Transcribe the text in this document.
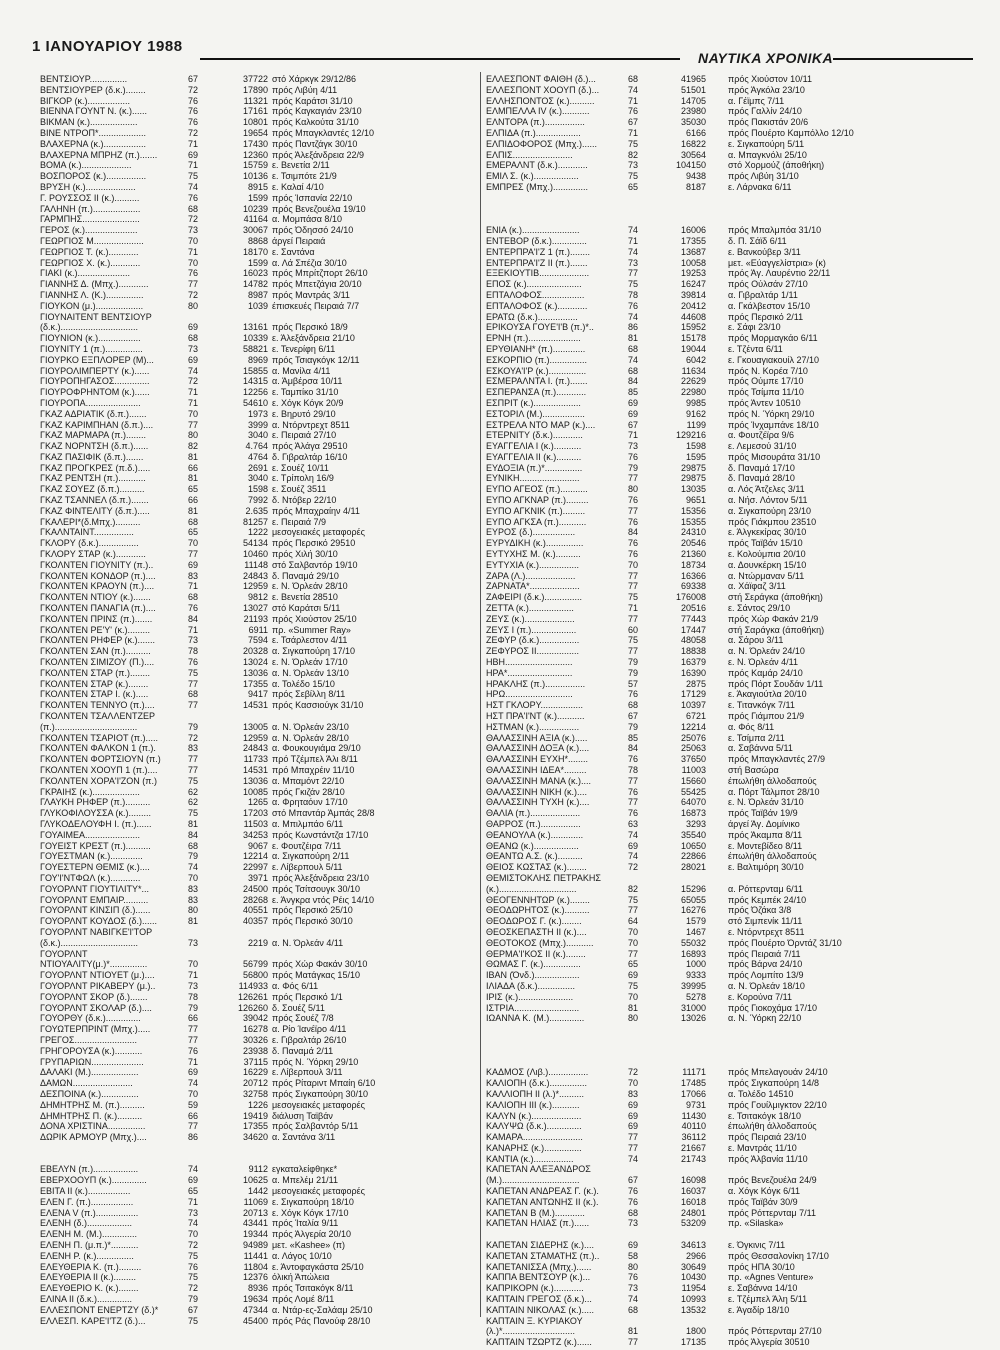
1 ΙΑΝΟΥΑΡΙΟΥ 1988
ΝΑΥΤΙΚΑ ΧΡΟΝΙΚΑ
ΒΕΝΤΣΙΟΥΡ...............	67	37722 στό Χάρκγκ 29/12/86
ΒΕΝΤΣΙΟΥΡΕΡ (δ.κ.)........	72	17890 πρός Λιβύη 4/11
ΒΙΓΚΟΡ (κ.).................	76	11321 πρός Καράτσι 31/10
ΒΙΕΝΝΑ ΓΟΥΝΤ Ν. (κ.)......	76	17161 πρός Καγκαγιάν 23/10
ΒΙΚΜΑΝ (κ.)...................	76	10801 πρός Καλκούτα 31/10
ΒΙΝΕ ΝΤΡΟΠ*...................	72	19654 πρός Μπαγκλαντές 12/10
ΒΛΑΧΕΡΝΑ (κ.).................	71	17430 πρός Παντζάγκ 30/10
ΒΛΑΧΕΡΝΑ ΜΠΡΗΖ (π.).......	69	12360 πρός Άλεξάνδρεια 22/9
ΒΟΜΑ (κ.)....................	71	15759 ε. Βενετία 2/11
ΒΟΣΠΟΡΟΣ (κ.)................	75	10136 ε. Τσιμπότε 21/9
ΒΡΥΣΗ (κ.)....................	74	8915 ε. Καλαί 4/10
Γ. ΡΟΥΣΣΟΣ ΙΙ (κ.)..........	76	1599 πρός Ίσπανία 22/10
ΓΑΛΗΝΗ (π.)...................	68	10239 πρός Βενεζουέλα 19/10
ΓΑΡΜΠΗΣ.......................	72	41164 α. Μομπάσα 8/10
ΓΕΡΟΣ (κ.).....................	73	30067 πρός Όδησσό 24/10
ΓΕΩΡΓΙΟΣ Μ....................	70	8868 άργεί Πειραιά
ΓΕΩΡΓΙΟΣ Τ. (κ.)............	71	18170 ε. Σαντάνα
ΓΕΩΡΓΙΟΣ Χ. (κ.)............	70	1599 α. Λά Σπέζια 30/10
ΓΙΑΚΙ (κ.).....................	76	16023 πρός Μπρίτζπορτ 26/10
ΓΙΑΝΝΗΣ Δ. (Μπχ.)............	77	14782 πρός Μπετζάγια 20/10
ΓΙΑΝΝΗΣ Λ. (Κ.)...............	72	8987 πρός Μαντράς 3/11
ΓΙΟΥΚΟΝ (μ.)...................	80	1039 έπισκευές Πειραιά 7/7
ΓΙΟΥΝΑΙΤΕΝΤ ΒΕΝΤΣΙΟΥΡ
(δ.κ.)...............................	69	13161 πρός Περσικό 18/9
ΓΙΟΥΝΙΟΝ (κ.).................	68	10339 ε. Άλεξάνδρεια 21/10
ΓΙΟΥΝΙΤΥ 1 (π.)...............	73	58821 ε. Τενερίφη 6/11
ΓΙΟΥΡΚΟ ΕΞΠΛΟΡΕΡ (Μ)...	69	8969 πρός Τσιαγκόγκ 12/11
ΓΙΟΥΡΟΛΙΜΠΕΡΤΥ (κ.)......	74	15855 α. Μανίλα 4/11
ΓΙΟΥΡΟΠΗΓΑΣΟΣ..............	72	14315 α. Άμβέρσα 10/11
ΓΙΟΥΡΟΦΡΗΝΤΟΜ (κ.)......	71	12256 ε. Ταμπίκο 31/10
ΓΙΟΥΡΟΠΑ......................	71	54610 ε. Χόγκ Κόγκ 20/9
ΓΚΑΖ ΑΔΡΙΑΤΙΚ (δ.π.).......	70	1973 ε. Βηρυτό 29/10
ΓΚΑΖ ΚΑΡΙΜΠΗΑΝ (δ.π.)....	77	3999 α. Ντόρντρεχτ 8511
ΓΚΑΖ ΜΑΡΜΑΡΑ (π.)........	80	3040 ε. Πειραιά 27/10
ΓΚΑΖ ΝΟΡΝΤΣΗ (δ.π.)......	82	4.764 πρός Άλάγα 29510
ΓΚΑΖ ΠΑΣΙΦΙΚ (δ.π.).......	81	4764 δ. Γιβραλτάρ 16/10
ΓΚΑΖ ΠΡΟΓΚΡΕΣ (π.δ.).....	66	2691 ε. Σουέζ 10/11
ΓΚΑΖ ΡΕΝΤΣΗ (π.)...........	81	3040 ε. Τρίπολη 16/9
ΓΚΑΖ ΣΟΥΕΖ (δ.π.)..........	65	1598 ε. Σουέζ 3511
ΓΚΑΖ ΤΣΑΝΝΕΛ (δ.π.).......	66	7992 δ. Ντόβερ 22/10
ΓΚΑΖ ΦΙΝΤΕΛΙΤΥ (δ.π.).....	81	2.635 πρός Μπαχραίην 4/11
ΓΚΑΛΕΡΙ*(δ.Μπχ.)..........	68	81257 ε. Πειραιά 7/9
ΓΚΑΛΝΤΑΙΝΤ................	65	1222 μεσογειακές μεταφορές
ΓΚΛΟΡΥ (δ.κ.)................	70	54134 πρός Περσικό 29510
ΓΚΛΟΡΥ ΣΤΑΡ (κ.)............	77	10460 πρός Χιλή 30/10
ΓΚΟΛΝΤΕΝ ΓΙΟΥΝΙΤΥ (π.)..	69	11148 στό Σαλβαντόρ 19/10
ΓΚΟΛΝΤΕΝ ΚΟΝΔΟΡ (π.)....	83	24843 δ. Παναμά 29/10
ΓΚΟΛΝΤΕΝ ΚΡΑΟΥΝ (π.)....	71	12959 ε. Ν. Όρλεάν 28/10
ΓΚΟΛΝΤΕΝ ΝΤΙΟΥ (κ.).......	68	9812 ε. Βενετία 28510
ΓΚΟΛΝΤΕΝ ΠΑΝΑΓΙΑ (π.)....	76	13027 στό Καράτσι 5/11
ΓΚΟΛΝΤΕΝ ΠΡΙΝΣ (π.).......	84	21193 πρός Χιούστον 25/10
ΓΚΟΛΝΤΕΝ ΡΕ'Υ' (κ.).........	71	6911 πρ. «Summer Ray»
ΓΚΟΛΝΤΕΝ ΡΗΦΕΡ (κ.).......	73	7594 ε. Τσάρλεστον 4/11
ΓΚΟΛΝΤΕΝ ΣΑΝ (π.)..........	78	20328 α. Σιγκαπούρη 17/10
ΓΚΟΛΝΤΕΝ ΣΙΜΙΖΟΥ (Π.)....	76	13024 ε. Ν. Όρλεάν 17/10
ΓΚΟΛΝΤΕΝ ΣΤΑΡ (π.)........	75	13036 α. Ν. Όρλεάν 13/10
ΓΚΟΛΝΤΕΝ ΣΤΑΡ (κ.)........	77	17355 α. Τολέδο 15/10
ΓΚΟΛΝΤΕΝ ΣΤΑΡ Ι. (κ.).....	68	9417 πρός Σεβίλλη 8/11
ΓΚΟΛΝΤΕΝ ΤΕΝΝΥΟ (π.)....	77	14531 πρός Κασσιούγκ 31/10
ΓΚΟΛΝΤΕΝ ΤΣΑΛΛΕΝΤΖΕΡ
(π.).................................	79	13005 α. Ν. Όρλεάν 23/10
ΓΚΟΛΝΤΕΝ ΤΣΑΡΙΟΤ (π.).....	72	12959 α. Ν. Όρλεάν 28/10
ΓΚΟΛΝΤΕΝ ΦΑΛΚΟΝ 1 (π.).	83	24843 α. Φουκουγιάμα 29/10
ΓΚΟΛΝΤΕΝ ΦΟΡΤΣΙΟΥΝ (π.)	77	11733 πρό Τζέμπελ Άλι 8/11
ΓΚΟΛΝΤΕΝ ΧΟΟΥΠ 1 (π.)....	77	14531 πρό Μπαχρέιν 11/10
ΓΚΟΛΝΤΕΝ ΧΟΡΑ'Ι'ΖΟΝ (π.)	75	13036 α. Μπαμόντ 22/10
ΓΚΡΑΙΗΣ (κ.)...................	62	10085 πρός Γκιζάν 28/10
ΓΛΑΥΚΗ ΡΗΦΕΡ (π.)..........	62	1265 α. Φρηταόυν 17/10
ΓΛΥΚΟΦΙΛΟΥΣΣΑ (κ.).........	75	17203 στό Μπαντάρ Άμπάς 28/8
ΓΛΥΚΟΔΕΛΟΥΦΗ Ι. (π.)......	81	11503 α. Μπιλμπάο 6/11
ΓΟΥΑΙΜΕΑ......................	84	34253 πρός Κωνστάντζα 17/10
ΓΟΥΕΙΣΤ ΚΡΕΣΤ (π.)..........	68	9067 ε. Φουτζέιρα 7/11
ΓΟΥΕΣΤΜΑΝ (κ.).............	79	12214 α. Σιγκαπούρη 2/11
ΓΟΥΕΣΤΕΡΝ ΘΕΜΙΣ (κ.)....	74	22997 ε. Λίβερπουλ 5/11
ΓΟΥ'Ι'ΝΤΦΩΛ (κ.)............	70	3971 πρός Άλεξάνδρεια 23/10
ΓΟΥΟΡΛΝΤ ΓΙΟΥΤΙΛΙΤΥ*...	83	24500 πρός Τσίτσουγκ 30/10
ΓΟΥΟΡΛΝΤ ΕΜΠΑΙΡ..........	83	28268 ε. Άνγκρα ντός Ρέις 14/10
ΓΟΥΟΡΛΝΤ ΚΙΝΣΙΠ (δ.)......	80	40551 πρός Περσικό 25/10
ΓΟΥΟΡΛΝΤ ΚΟΥΔΟΣ (δ.)......	81	40357 πρός Περσικό 30/10
ΓΟΥΟΡΛΝΤ ΝΑΒΙΓΚΕ'Ι'ΤΟΡ
(δ.κ.)...............................	73	2219 α. Ν. Όρλεάν 4/11
ΓΟΥΟΡΛΝΤ
ΝΤΙΟΥΑΛΙΤΥ(μ.)*...............	70	56799 πρός Χώρ Φακάν 30/10
ΓΟΥΟΡΛΝΤ ΝΤΙΟΥΕΤ (μ.)....	71	56800 πρός Ματάγκας 15/10
ΓΟΥΟΡΛΝΤ ΡΙΚΑΒΕΡΥ (μ.)..	73	114933 α. Φός 6/11
ΓΟΥΟΡΛΝΤ ΣΚΟΡ (δ.).......	78	126261 πρός Περσικό 1/1
ΓΟΥΟΡΛΝΤ ΣΚΟΛΑΡ (δ.)....	79	126260 δ. Σουέζ 5/11
ΓΟΥΟΡΘΥ (δ.κ.)..............	66	39042 πρός Σουέζ 7/8
ΓΟΥΩΤΕΡΠΡΙΝΤ (Μπχ.).....	77	16278 α. Ρίο Ίανέϊρο 4/11
ΓΡΕΓΟΣ.........................	77	30326 ε. Γιβραλτάρ 26/10
ΓΡΗΓΟΡΟΥΣΑ (κ.)...........	76	23938 δ. Παναμά 2/11
ΓΡΥΠΑΡΙΩΝ.....................	71	37115 πρός Ν. Ύόρκη 29/10
ΔΑΛΑΚΙ (Μ.)...................	69	16229 ε. Λίβερπουλ 3/11
ΔΑΜΩΝ........................	74	20712 πρός Ρίταριντ Μπαίη 6/10
ΔΕΣΠΟΙΝΑ (κ.)...............	70	32758 πρός Σιγκαπούρη 30/10
ΔΗΜΗΤΡΗΣ Μ. (π.)..........	59	1226 μεσογειακές μεταφορές
ΔΗΜΗΤΡΗΣ Π. (κ.)..........	66	19419 διάλυση Ταϊβάν
ΔΟΝΑ ΧΡΙΣΤΙΝΑ...............	77	17355 πρός Σαλβαντόρ 5/11
ΔΩΡΙΚ ΑΡΜΟΥΡ (Μπχ.)....	86	34620 α. Σαντάνα 3/11
ΕΒΕΛΥΝ (π.)..................	74	9112 εγκαταλείφθηκε*
ΕΒΕΡΧΟΟΥΠ (κ.)..............	69	10625 α. Μπελέμ 21/11
ΕΒΙΤΑ ΙΙ (κ.).................	65	1442 μεσογειακές μεταφορές
ΕΛΕΝ Γ. (π.).................	71	11069 ε. Σιγκαπούρη 18/10
ΕΛΕΝΑ V (π.).................	73	20713 ε. Χόγκ Κόγκ 17/10
ΕΛΕΝΗ (δ.)..................	74	43441 πρός Ίταλία 9/11
ΕΛΕΝΗ Μ. (Μ.)..............	70	19344 πρός Άλγερία 20/10
ΕΛΕΝΗ Π. (μ.π.)*...........	72	94989 μετ. «Kashee» (π)
ΕΛΕΝΗ Ρ. (κ.)...............	75	11441 α. Λάγος 10/10
ΕΛΕΥΘΕΡΙΑ Κ. (π.).........	76	11804 ε. Άντοφαγκάστα 25/10
ΕΛΕΥΘΕΡΙΑ ΙΙ (κ.).........	75	12376 όλική Άπώλεια
ΕΛΕΥΘΕΡΙΟ Κ. (κ.)........	72	8936 πρός Τσιτακόγκ 8/11
ΕΛΙΝΑ ΙΙ (δ.κ.)..............	79	19634 πρός Λομέ 8/11
ΕΛΛΕΣΠΟΝΤ ΕΝΕΡΤΖΥ (δ.)*	67	47344 α. Ντάρ-ες-Σαλάαμ 25/10
ΕΛΛΕΣΠ. ΚΑΡΕ'Ι'ΤΖ (δ.)...	75	45400 πρός Ράς Πανούφ 28/10
ΕΛΛΕΣΠΟΝΤ ΦΑΙΘΗ (δ.)...	68	41965 πρός Χιούστον 10/11
ΕΛΛΕΣΠΟΝΤ ΧΟΟΥΠ (δ.)...	74	51501 πρός Άγκόλα 23/10
ΕΛΛΗΣΠΟΝΤΟΣ (κ.)..........	71	14705 α. Γέϊμπς 7/11
ΕΛΜΠΕΛΛΑ IV (κ.)...........	76	23980 πρός Γαλλίν 24/10
ΕΛΝΤΟΡΑ (π.)................	67	35030 πρός Πακιστάν 20/6
ΕΛΠΙΔΑ (π.)..................	71	6166 πρός Πουέρτο Καμπόλλο 12/10
ΕΛΠΙΔΟΦΟΡΟΣ (Μπχ.)......	75	16822 ε. Σιγκαπούρη 5/11
ΕΛΠΙΣ........................	82	30564 α. Μπαγκνόλι 25/10
ΕΜΕΡΑΛΝΤ (δ.κ.)............	73	104150 στό Χορμούζ (άποθήκη)
ΕΜΙΛ Σ. (κ.)..................	75	9438 πρός Λιβύη 31/10
ΕΜΠΡΕΣ (Μπχ.)..............	65	8187 ε. Λάρνακα 6/11
ΕΝΙΑ (κ.).......................	74	16006 πρός Μπαλμπόα 31/10
ΕΝΤΕΒΟΡ (δ.κ.)..............	71	17355 δ. Π. Σάϊδ 6/11
ΕΝΤΕΡΠΡΑ'Ι'Ζ 1 (π.)........	74	13687 ε. Βανκούβερ 3/11
ΕΝΤΕΡΠΡΑ'Ι'Ζ ΙΙ (π.).......	73	10058 μετ. «Εύαγγελίστρια» (κ)
ΕΞΕΚΙΟΥΤΙΒ....................	77	19253 πρός Άγ. Λαυρέντιο 22/11
ΕΠΟΣ (κ.)......................	75	16247 πρός Ούλσάν 27/10
ΕΠΤΑΛΟΦΟΣ.................	78	39814 α. Γιβραλτάρ 1/11
ΕΠΤΑΛΟΦΟΣ (κ.)............	76	20412 α. Γκάλβεστον 15/10
ΕΡΑΤΩ (δ.κ.)................	74	44608 πρός Περσικό 2/11
ΕΡΙΚΟΥΣΑ ΓΟΥΕ'Ι'Β (π.)*..	86	15952 ε. Σάφι 23/10
ΕΡΝΗ (π.).....................	81	15178 πρός Μορμαγκάο 6/11
ΕΡΥΘΙΑΝΗ* (π.).............	68	19044 ε. Τζέντα 6/11
ΕΣΚΟΡΠΙΟ (π.)...............	74	6042 ε. Γκουαγιακουίλ 27/10
ΕΣΚΟΥΑ'Ι'Ρ (κ.)...............	68	11634 πρός Ν. Κορέα 7/10
ΕΣΜΕΡΑΛΝΤΑ Ι. (π.).......	84	22629 πρός Ούμπε 17/10
ΕΣΠΕΡΑΝΣΑ (π.)............	85	22980 πρός Τσίμπα 11/10
ΕΣΠΡΙΤ (κ.)...................	69	9985 πρός Άντεν 10510
ΕΣΤΟΡΙΛ (Μ.).................	69	9162 πρός Ν. Ύόρκη 29/10
ΕΣΤΡΕΛΑ ΝΤΟ ΜΑΡ (κ.)....	67	1199 πρός Ίνχαμπάνε 18/10
ΕΤΕΡΝΙΤΥ (δ.κ.)............	71	129216 α. Φουτζέϊρα 9/6
ΕΥΑΓΓΕΛΙΑ Ι (κ.)...........	73	1598 ε. Λεμεσού 31/10
ΕΥΑΓΓΕΛΙΑ ΙΙ (κ.)..........	76	1595 πρός Μισουράτα 31/10
ΕΥΔΟΞΙΑ (π.)*...............	79	29875 δ. Παναμά 17/10
ΕΥΝΙΚΗ........................	77	29875 δ. Παναμά 28/10
ΕΥΠΟ ΑΓΕΟΣ (π.)...........	80	13035 α. Λός Άτζελες 3/11
ΕΥΠΟ ΑΓΚΝΑΡ (π.).........	76	9651 α. Νήσ. Λόντον 5/11
ΕΥΠΟ ΑΓΚΝΙΚ (π.).........	77	15356 α. Σιγκαπούρη 23/10
ΕΥΠΟ ΑΓΚΣΑ (π.)...........	76	15355 πρός Γιάκμπου 23510
ΕΥΡΟΣ (δ.).................	84	24310 ε. Άλγκεκίρας 30/10
ΕΥΡΥΔΙΚΗ (κ.)...............	76	20546 πρός Ταϊβάν 15/10
ΕΥΤΥΧΗΣ Μ. (κ.)..........	76	21360 ε. Κολούμπια 20/10
ΕΥΤΥΧΙΑ (κ.)................	70	18734 α. Δουνκέρκη 15/10
ΖΑΡΑ (Λ.)....................	77	16366 α. Ντώρμαναν 5/11
ΖΑΡΝΑΤΑ*....................	77	69338 α. Χάϊφαζ 3/11
ΖΑΦΕΙΡΙ (δ.κ.)...............	75	176008 στή Σεράγκα (άποθήκη)
ΖΕΤΤΑ (κ.)..................	71	20516 ε. Σάντος 29/10
ΖΕΥΣ (κ.)....................	77	77443 πρός Χώρ Φακάν 21/9
ΖΕΥΣ Ι (π.)..................	60	17447 στή Σαράγκα (άποθήκη)
ΖΕΦΥΡ (δ.κ.)................	75	48058 α. Σάρου 3/11
ΖΕΦΥΡΟΣ ΙΙ.................	77	18838 α. Ν. Όρλεάν 24/10
ΗΒΗ...........................	79	16379 ε. Ν. Όρλεάν 4/11
ΗΡΑ*..........................	79	16390 πρός Καμάρ 24/10
ΗΡΑΚΛΗΣ (π.)................	57	2875 πρός Πόρτ Σουδάν 1/11
ΗΡΩ...........................	76	17129 ε. Άκαγιούτλα 20/10
ΗΣΤ ΓΚΛΟΡΥ.................	68	10397 ε. Τιτανκόγκ 7/11
ΗΣΤ ΠΡΑ'Ι'ΝΤ (κ.)...........	67	6721 πρός Γιάμπου 21/9
ΗΣΤΜΑΝ (κ.)................	79	12214 α. Φός 8/11
ΘΑΛΑΣΣΙΝΗ ΑΞΙΑ (κ.).....	85	25076 ε. Τσίμπα 2/11
ΘΑΛΑΣΣΙΝΗ ΔΟΞΑ (κ.)....	84	25063 α. Σαβάννα 5/11
ΘΑΛΑΣΣΙΝΗ ΕΥΧΗ*........	76	37650 πρός Μπαγκλαντές 27/9
ΘΑΛΑΣΣΙΝΗ ΙΔΕΑ*.........	78	11003 στή Βασώρα
ΘΑΛΑΣΣΙΝΗ ΜΑΝΑ (κ.)....	77	15660 έπωλήθη άλλοδαπούς
ΘΑΛΑΣΣΙΝΗ ΝΙΚΗ (κ.)....	76	55425 α. Πόρτ Τάλμποτ 28/10
ΘΑΛΑΣΣΙΝΗ ΤΥΧΗ (κ.)....	77	64070 ε. Ν. Όρλεάν 31/10
ΘΑΛΙΑ (π.)....................	76	16873 πρός Ταϊβάν 19/9
ΘΑΡΡΟΣ (π.)................	63	3293 άργεί Άγ. Δομίνικο
ΘΕΑΝΟΥΛΑ (κ.).............	74	35540 πρός Άκαμπα 8/11
ΘΕΑΝΩ (κ.)..................	69	10650 ε. Μοντεβίδεο 8/11
ΘΕΑΝΤΩ Α.Σ. (κ.)..........	74	22866 έπωλήθη άλλοδαπούς
ΘΕΙΟΣ ΚΩΣΤΑΣ (κ.)........	72	28021 ε. Βαλτιμόρη 30/10
ΘΕΜΙΣΤΟΚΛΗΣ ΠΕΤΡΑΚΗΣ
(κ.)...............................	82	15296 α. Ρόττερνταμ 6/11
ΘΕΟΓΕΝΝΗΤΩΡ (κ.)........	75	65055 πρός Κεμπέκ 24/10
ΘΕΟΔΩΡΗΤΟΣ (κ.)..........	77	16276 πρός Όζάκα 3/8
ΘΕΟΔΩΡΟΣ Γ. (κ.)........	64	1579 στό Σιμπενίκ 11/11
ΘΕΟΣΚΕΠΑΣΤΗ ΙΙ (κ.)....	70	1467 ε. Ντόρντρεχτ 8511
ΘΕΟΤΟΚΟΣ (Μπχ.)...........	70	55032 πρός Πουέρτο Όρντάζ 31/10
ΘΕΡΜΑ'Ι'ΚΟΣ ΙΙ (κ.)........	77	16893 πρός Πειραιά 7/11
ΘΩΜΑΣ Γ. (κ.)...............	65	1000 πρός Βάρνα 24/10
ΙΒΑΝ (Όνδ.)..................	69	9333 πρός Λομπίτο 13/9
ΙΛΙΑΔΑ (δ.κ.)...............	75	39995 α. Ν. Όρλεάν 18/10
ΙΡΙΣ (κ.)......................	70	5278 ε. Κορούνα 7/11
ΙΣΤΡΙΑ..........................	81	31000 πρός Γιοκοχάμα 17/10
ΙΩΑΝΝΑ Κ. (Μ.)..............	80	13026 α. Ν. Ύόρκη 22/10
ΚΑΔΜΟΣ (Λιβ.)................	72	11171 πρός Μπελαγουάν 24/10
ΚΑΛΙΟΠΗ (δ.κ.)...............	70	17485 πρός Σιγκαπούρη 14/8
ΚΑΛΛΙΟΠΗ ΙΙ (λ.)*..........	83	17066 α. Τολέδο 14510
ΚΑΛΙΟΠΗ ΙΙΙ (κ.)...........	69	9731 πρός Γουίλμιγκτον 22/10
ΚΑΛΥΝ (κ.)....................	69	11430 ε. Τσιτακόγκ 18/10
ΚΑΛΥΨΩ (δ.κ.)..............	69	40110 έπωλήθη άλλοδαπούς
ΚΑΜΑΡΑ........................	77	36112 πρός Πειραιά 23/10
ΚΑΝΑΡΗΣ (κ.)...............	77	21667 ε. Μαντράς 11/10
ΚΑΝΤΙΑ (κ.)................	74	21743 πρός Άλβανία 11/10
ΚΑΠΕΤΑΝ ΑΛΕΞΑΝΔΡΟΣ
(Μ.)...............................	67	16098 πρός Βενεζουέλα 24/9
ΚΑΠΕΤΑΝ ΑΝΔΡΕΑΣ Γ. (κ.).	76	16037 α. Χόγκ Κόγκ 6/11
ΚΑΠΕΤΑΝ ΑΝΤΩΝΗΣ ΙΙ (κ.).	76	16018 πρός Ταϊβάν 30/9
ΚΑΠΕΤΑΝ Β (Μ.)............	68	24801 πρός Ρόττερνταμ 7/11
ΚΑΠΕΤΑΝ ΗΛΙΑΣ (π.)......	73	53209 πρ. «Silaska»
ΚΑΠΕΤΑΝ ΣΙΔΕΡΗΣ (κ.)....	69	34613 ε. Όγκινις 7/11
ΚΑΠΕΤΑΝ ΣΤΑΜΑΤΗΣ (π.)..	58	2966 πρός Θεσσαλονίκη 17/10
ΚΑΠΕΤΑΝΙΣΣΑ (Μπχ.)......	80	30649 πρός ΗΠΑ 30/10
ΚΑΠΠΑ ΒΕΝΤΣΟΥΡ (κ.)...	76	10430 πρ. «Agnes Venture»
ΚΑΠΡΙΚΟΡΝ (κ.)............	73	11954 ε. Σαβάννα 14/10
ΚΑΠΤΑΙΝ ΓΡΕΓΟΣ (δ.κ.)...	74	10993 ε. Τζέμπελ Άλη 5/11
ΚΑΠΤΑΙΝ ΝΙΚΟΛΑΣ (κ.).....	68	13532 ε. Άγαδίρ 18/10
ΚΑΠΤΑΙΝ Ξ. ΚΥΡΙΑΚΟΥ
(λ.)*.............................	81	1800 πρός Ρόττερνταμ 27/10
ΚΑΠΤΑΙΝ ΤΖΩΡΤΖ (κ.)......	77	17135 πρός Άλγερία 30510
